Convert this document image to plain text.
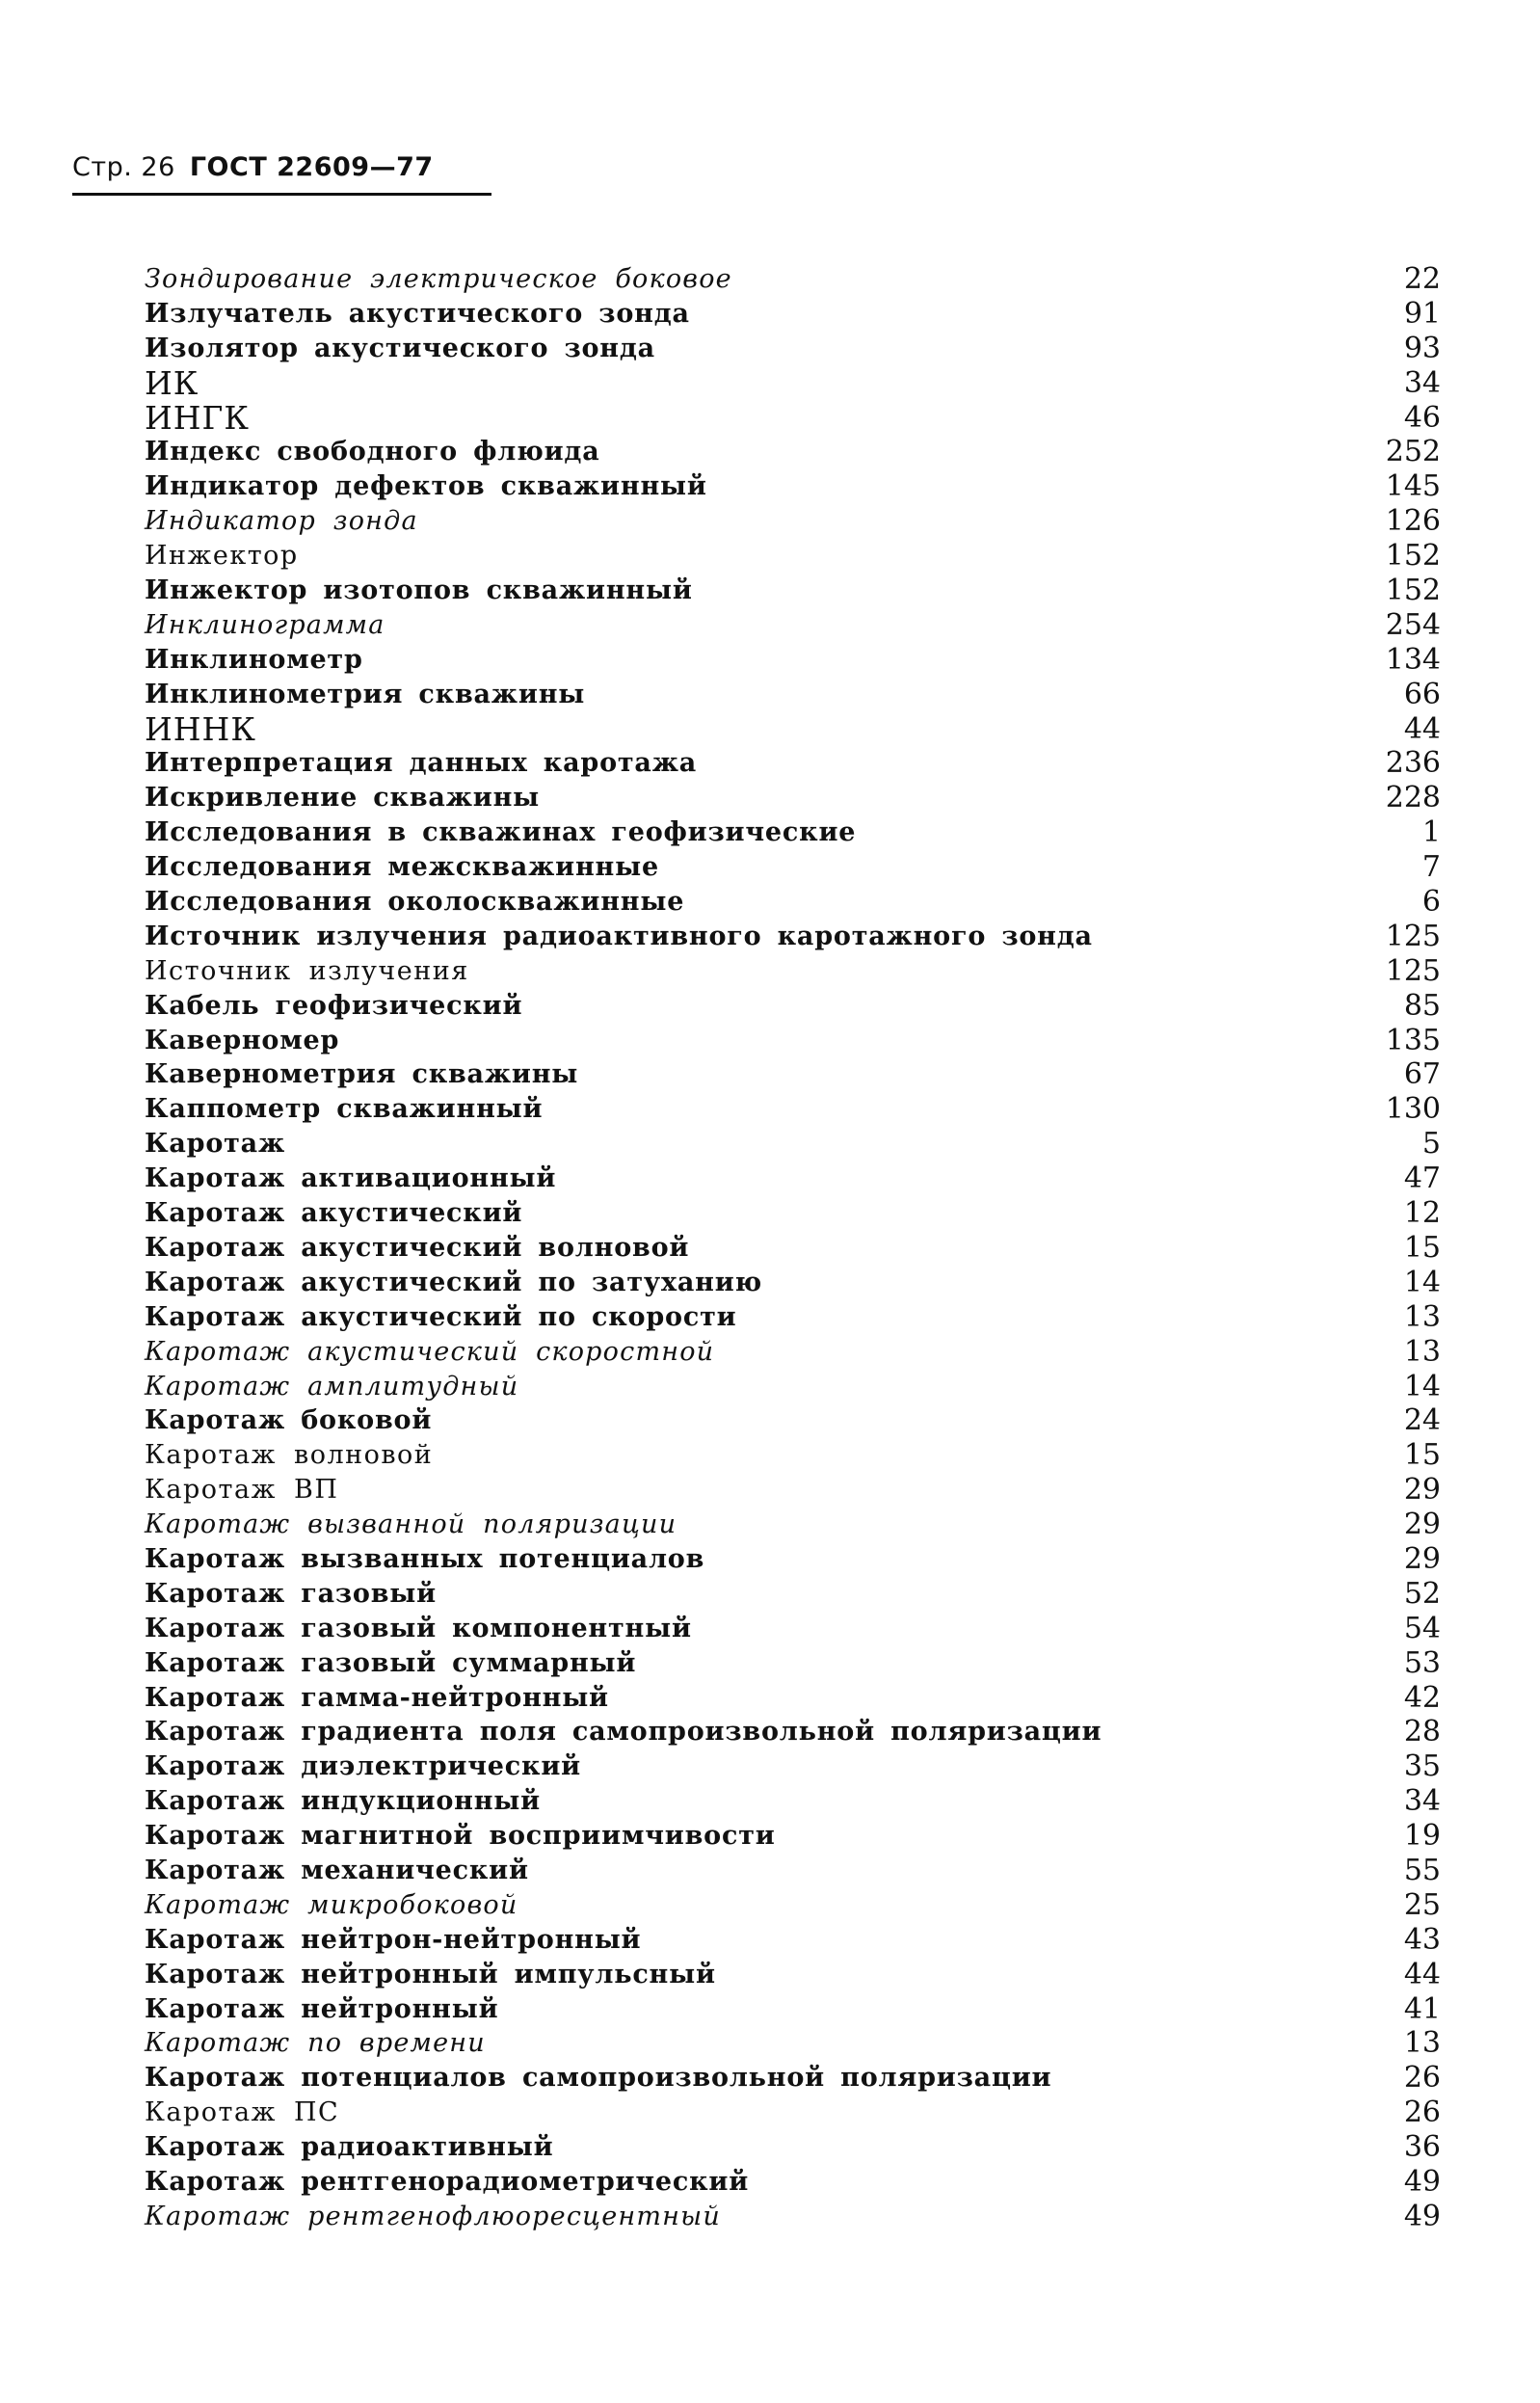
Стр. 26 ГОСТ 22609—77
Зондирование электрическое боковое	22
Излучатель акустического зонда	91
Изолятор акустического зонда	93
ИК	34
ИНГК	46
Индекс свободного флюида	252
Индикатор дефектов скважинный	145
Индикатор зонда	126
Инжектор	152
Инжектор изотопов скважинный	152
Инклинограмма	254
Инклинометр	134
Инклинометрия скважины	66
ИННК	44
Интерпретация данных каротажа	236
Искривление скважины	228
Исследования в скважинах геофизические	1
Исследования межскважинные	7
Исследования околоскважинные	6
Источник излучения радиоактивного каротажного зонда	125
Источник излучения	125
Кабель геофизический	85
Каверномер	135
Кавернометрия скважины	67
Каппометр скважинный	130
Каротаж	5
Каротаж активационный	47
Каротаж акустический	12
Каротаж акустический волновой	15
Каротаж акустический по затуханию	14
Каротаж акустический по скорости	13
Каротаж акустический скоростной	13
Каротаж амплитудный	14
Каротаж боковой	24
Каротаж волновой	15
Каротаж ВП	29
Каротаж вызванной поляризации	29
Каротаж вызванных потенциалов	29
Каротаж газовый	52
Каротаж газовый компонентный	54
Каротаж газовый суммарный	53
Каротаж гамма-нейтронный	42
Каротаж градиента поля самопроизвольной поляризации	28
Каротаж диэлектрический	35
Каротаж индукционный	34
Каротаж магнитной восприимчивости	19
Каротаж механический	55
Каротаж микробоковой	25
Каротаж нейтрон-нейтронный	43
Каротаж нейтронный импульсный	44
Каротаж нейтронный	41
Каротаж по времени	13
Каротаж потенциалов самопроизвольной поляризации	26
Каротаж ПС	26
Каротаж радиоактивный	36
Каротаж рентгенорадиометрический	49
Каротаж рентгенофлюоресцентный	49
